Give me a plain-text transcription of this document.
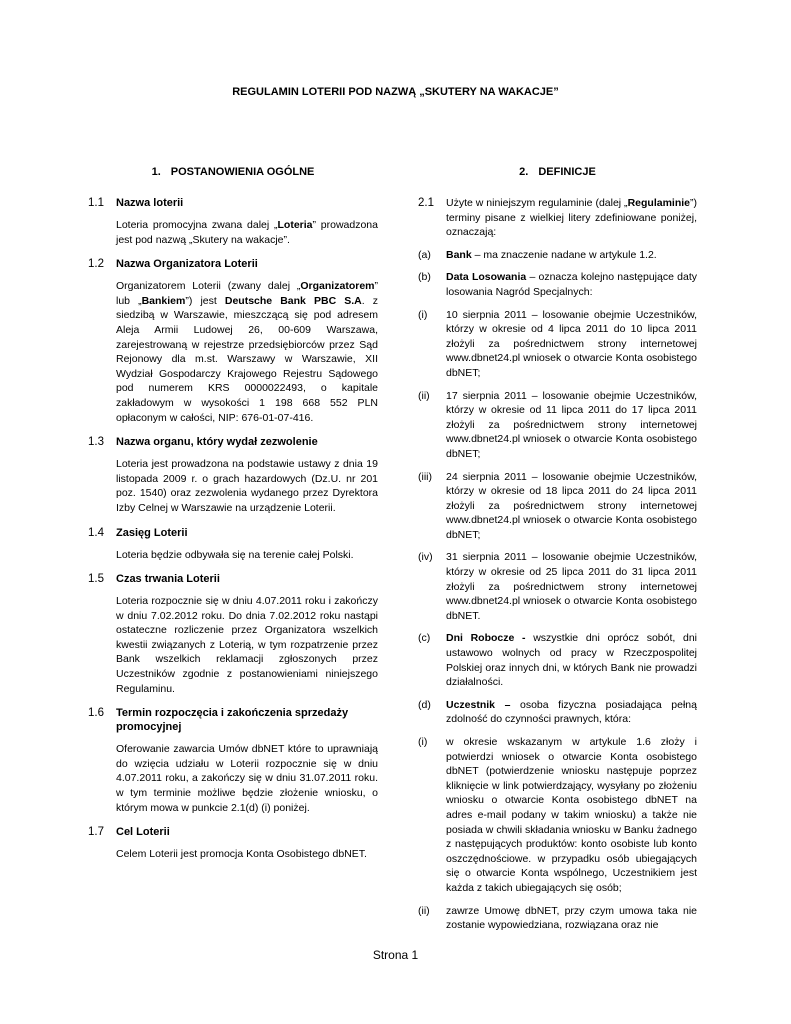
REGULAMIN LOTERII POD NAZWĄ „SKUTERY NA WAKACJE”
1. POSTANOWIENIA OGÓLNE
1.1	Nazwa loterii
Loteria promocyjna zwana dalej „Loteria” prowadzona jest pod nazwą „Skutery na wakacje”.
1.2	Nazwa Organizatora Loterii
Organizatorem Loterii (zwany dalej „Organizatorem” lub „Bankiem”) jest Deutsche Bank PBC S.A. z siedzibą w Warszawie, mieszczącą się pod adresem Aleja Armii Ludowej 26, 00-609 Warszawa, zarejestrowaną w rejestrze przedsiębiorców przez Sąd Rejonowy dla m.st. Warszawy w Warszawie, XII Wydział Gospodarczy Krajowego Rejestru Sądowego pod numerem KRS 0000022493, o kapitale zakładowym w wysokości 1 198 668 552 PLN opłaconym w całości, NIP: 676-01-07-416.
1.3	Nazwa organu, który wydał zezwolenie
Loteria jest prowadzona na podstawie ustawy z dnia 19 listopada 2009 r. o grach hazardowych (Dz.U. nr 201 poz. 1540) oraz zezwolenia wydanego przez Dyrektora Izby Celnej w Warszawie na urządzenie Loterii.
1.4	Zasięg Loterii
Loteria będzie odbywała się na terenie całej Polski.
1.5	Czas trwania Loterii
Loteria rozpocznie się w dniu 4.07.2011 roku i zakończy w dniu 7.02.2012 roku. Do dnia 7.02.2012 roku nastąpi ostateczne rozliczenie przez Organizatora wszelkich kwestii związanych z Loterią, w tym rozpatrzenie przez Bank wszelkich reklamacji zgłoszonych przez Uczestników zgodnie z postanowieniami niniejszego Regulaminu.
1.6	Termin rozpoczęcia i zakończenia sprzedaży promocyjnej
Oferowanie zawarcia Umów dbNET które to uprawniają do wzięcia udziału w Loterii rozpocznie się w dniu 4.07.2011 roku, a zakończy się w dniu 31.07.2011 roku. w tym terminie możliwe będzie złożenie wniosku, o którym mowa w punkcie 2.1(d) (i) poniżej.
1.7	Cel Loterii
Celem Loterii jest promocja Konta Osobistego dbNET.
2. DEFINICJE
2.1	Użyte w niniejszym regulaminie (dalej „Regulaminie”) terminy pisane z wielkiej litery zdefiniowane poniżej, oznaczają:
(a)	Bank – ma znaczenie nadane w artykule 1.2.
(b)	Data Losowania – oznacza kolejno następujące daty losowania Nagród Specjalnych:
(i)	10 sierpnia 2011 – losowanie obejmie Uczestników, którzy w okresie od 4 lipca 2011 do 10 lipca 2011 złożyli za pośrednictwem strony internetowej www.dbnet24.pl wniosek o otwarcie Konta osobistego dbNET;
(ii)	17 sierpnia 2011 – losowanie obejmie Uczestników, którzy w okresie od 11 lipca 2011 do 17 lipca 2011 złożyli za pośrednictwem strony internetowej www.dbnet24.pl wniosek o otwarcie Konta osobistego dbNET;
(iii)	24 sierpnia 2011 – losowanie obejmie Uczestników, którzy w okresie od 18 lipca 2011 do 24 lipca 2011 złożyli za pośrednictwem strony internetowej www.dbnet24.pl wniosek o otwarcie Konta osobistego dbNET;
(iv)	31 sierpnia 2011 – losowanie obejmie Uczestników, którzy w okresie od 25 lipca 2011 do 31 lipca 2011 złożyli za pośrednictwem strony internetowej www.dbnet24.pl wniosek o otwarcie Konta osobistego dbNET.
(c)	Dni Robocze - wszystkie dni oprócz sobót, dni ustawowo wolnych od pracy w Rzeczpospolitej Polskiej oraz innych dni, w których Bank nie prowadzi działalności.
(d)	Uczestnik – osoba fizyczna posiadająca pełną zdolność do czynności prawnych, która:
(i)	w okresie wskazanym w artykule 1.6 złoży i potwierdzi wniosek o otwarcie Konta osobistego dbNET (potwierdzenie wniosku następuje poprzez kliknięcie w link potwierdzający, wysyłany po złożeniu wniosku o otwarcie Konta osobistego dbNET na adres e-mail podany w takim wniosku) a także nie posiada w chwili składania wniosku w Banku żadnego z następujących produktów: konto osobiste lub konto oszczędnościowe. w przypadku osób ubiegających się o otwarcie Konta wspólnego, Uczestnikiem jest każda z takich ubiegających się osób;
(ii)	zawrze Umowę dbNET, przy czym umowa taka nie zostanie wypowiedziana, rozwiązana oraz nie
Strona 1
